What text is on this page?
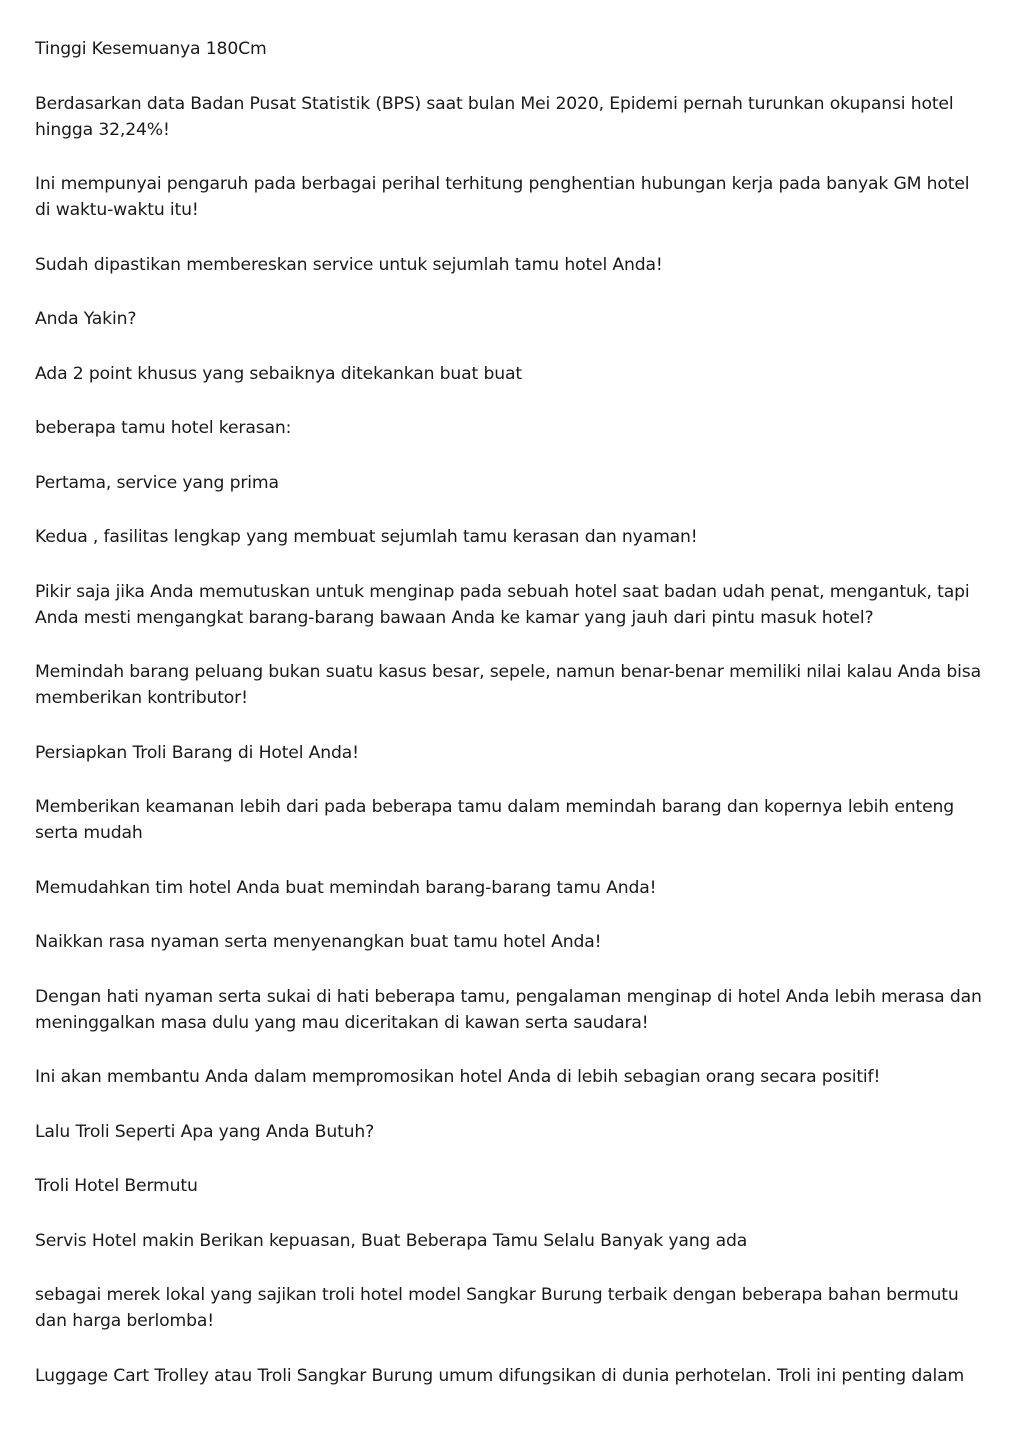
Tinggi Kesemuanya 180Cm

Berdasarkan data Badan Pusat Statistik (BPS) saat bulan Mei 2020, Epidemi pernah turunkan okupansi hotel hingga 32,24%!

Ini mempunyai pengaruh pada berbagai perihal terhitung penghentian hubungan kerja pada banyak GM hotel di waktu-waktu itu!

Sudah dipastikan membereskan service untuk sejumlah tamu hotel Anda!

Anda Yakin?

Ada 2 point khusus yang sebaiknya ditekankan buat buat

beberapa tamu hotel kerasan:

Pertama, service yang prima

Kedua , fasilitas lengkap yang membuat sejumlah tamu kerasan dan nyaman!

Pikir saja jika Anda memutuskan untuk menginap pada sebuah hotel saat badan udah penat, mengantuk, tapi Anda mesti mengangkat barang-barang bawaan Anda ke kamar yang jauh dari pintu masuk hotel?

Memindah barang peluang bukan suatu kasus besar, sepele, namun benar-benar memiliki nilai kalau Anda bisa memberikan kontributor!

Persiapkan Troli Barang di Hotel Anda!

Memberikan keamanan lebih dari pada beberapa tamu dalam memindah barang dan kopernya lebih enteng serta mudah

Memudahkan tim hotel Anda buat memindah barang-barang tamu Anda!

Naikkan rasa nyaman serta menyenangkan buat tamu hotel Anda!

Dengan hati nyaman serta sukai di hati beberapa tamu, pengalaman menginap di hotel Anda lebih merasa dan meninggalkan masa dulu yang mau diceritakan di kawan serta saudara!

Ini akan membantu Anda dalam mempromosikan hotel Anda di lebih sebagian orang secara positif!

Lalu Troli Seperti Apa yang Anda Butuh?

Troli Hotel Bermutu

Servis Hotel makin Berikan kepuasan, Buat Beberapa Tamu Selalu Banyak yang ada

sebagai merek lokal yang sajikan troli hotel model Sangkar Burung terbaik dengan beberapa bahan bermutu dan harga berlomba!

Luggage Cart Trolley atau Troli Sangkar Burung umum difungsikan di dunia perhotelan. Troli ini penting dalam
